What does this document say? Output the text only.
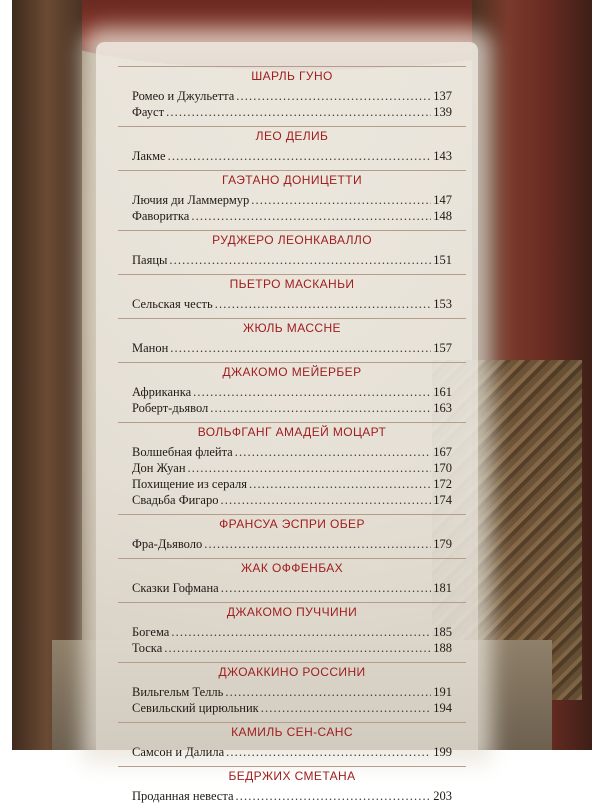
ШАРЛЬ ГУНО
Ромео и Джульетта . . .	137
Фауст . . .	139
ЛЕО ДЕЛИБ
Лакме . . .	143
ГАЭТАНО ДОНИЦЕТТИ
Лючия ди Ламмермур . . .	147
Фаворитка . . .	148
РУДЖЕРО ЛЕОНКАВАЛЛО
Паяцы . . .	151
ПЬЕТРО МАСКАНЬИ
Сельская честь . . .	153
ЖЮЛЬ МАССНЕ
Манон . . .	157
ДЖАКОМО МЕЙЕРБЕР
Африканка . . .	161
Роберт-дьявол . . .	163
ВОЛЬФГАНГ АМАДЕЙ МОЦАРТ
Волшебная флейта . . .	167
Дон Жуан . . .	170
Похищение из сераля . . .	172
Свадьба Фигаро . . .	174
ФРАНСУА ЭСПРИ ОБЕР
Фра-Дьяволо . . .	179
ЖАК ОФФЕНБАХ
Сказки Гофмана . . .	181
ДЖАКОМО ПУЧЧИНИ
Богема . . .	185
Тоска . . .	188
ДЖОАККИНО РОССИНИ
Вильгельм Телль . . .	191
Севильский цирюльник . . .	194
КАМИЛЬ СЕН-САНС
Самсон и Далила . . .	199
БЕДРЖИХ СМЕТАНА
Проданная невеста . . .	203
